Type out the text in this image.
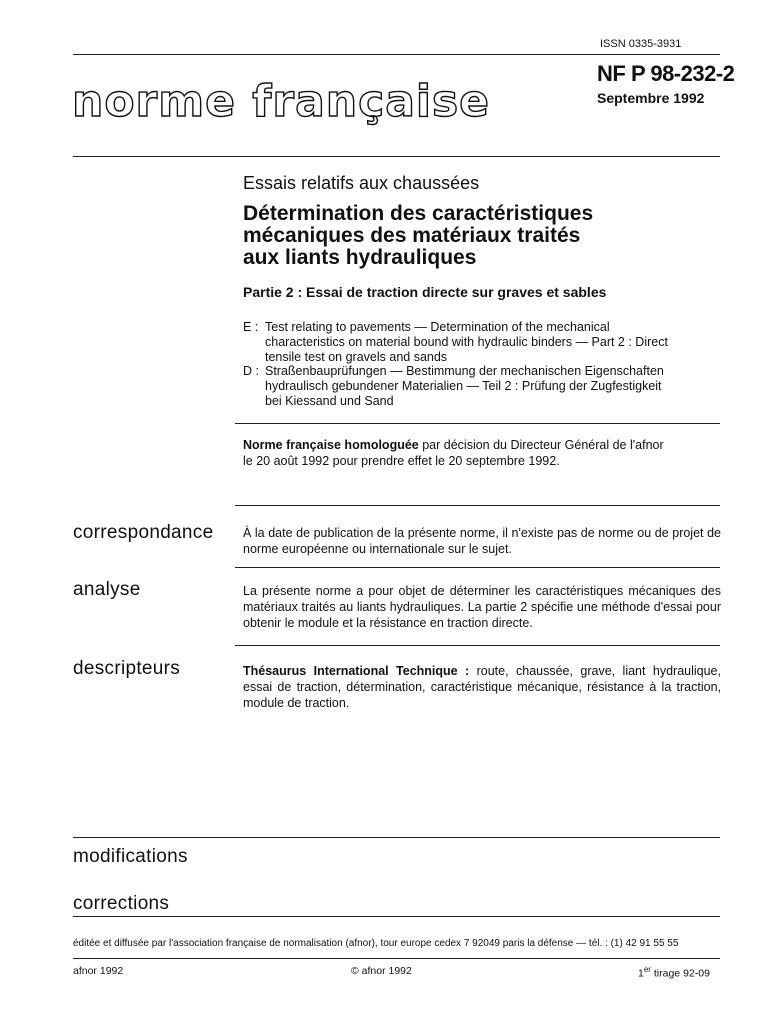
ISSN 0335-3931
norme française
NF P 98-232-2
Septembre 1992
Essais relatifs aux chaussées
Détermination des caractéristiques
mécaniques des matériaux traités
aux liants hydrauliques
Partie 2 : Essai de traction directe sur graves et sables
E : Test relating to pavements — Determination of the mechanical
characteristics on material bound with hydraulic binders — Part 2 : Direct
tensile test on gravels and sands
D : Straßenbauprüfungen — Bestimmung der mechanischen Eigenschaften
hydraulisch gebundener Materialien — Teil 2 : Prüfung der Zugfestigkeit
bei Kiessand und Sand
Norme française homologuée par décision du Directeur Général de l'afnor
le 20 août 1992 pour prendre effet le 20 septembre 1992.
correspondance À la date de publication de la présente norme, il n'existe pas de norme ou de projet de norme européenne ou internationale sur le sujet.
analyse	La présente norme a pour objet de déterminer les caractéristiques mécaniques des matériaux traités au liants hydrauliques. La partie 2 spécifie une méthode d'essai pour obtenir le module et la résistance en traction directe.
descripteurs	Thésaurus International Technique : route, chaussée, grave, liant hydraulique, essai de traction, détermination, caractéristique mécanique, résistance à la traction, module de traction.
modifications
corrections
éditée et diffusée par l'association française de normalisation (afnor), tour europe cedex 7 92049 paris la défense — tél. : (1) 42 91 55 55
afnor 1992	© afnor 1992	1er tirage 92-09
